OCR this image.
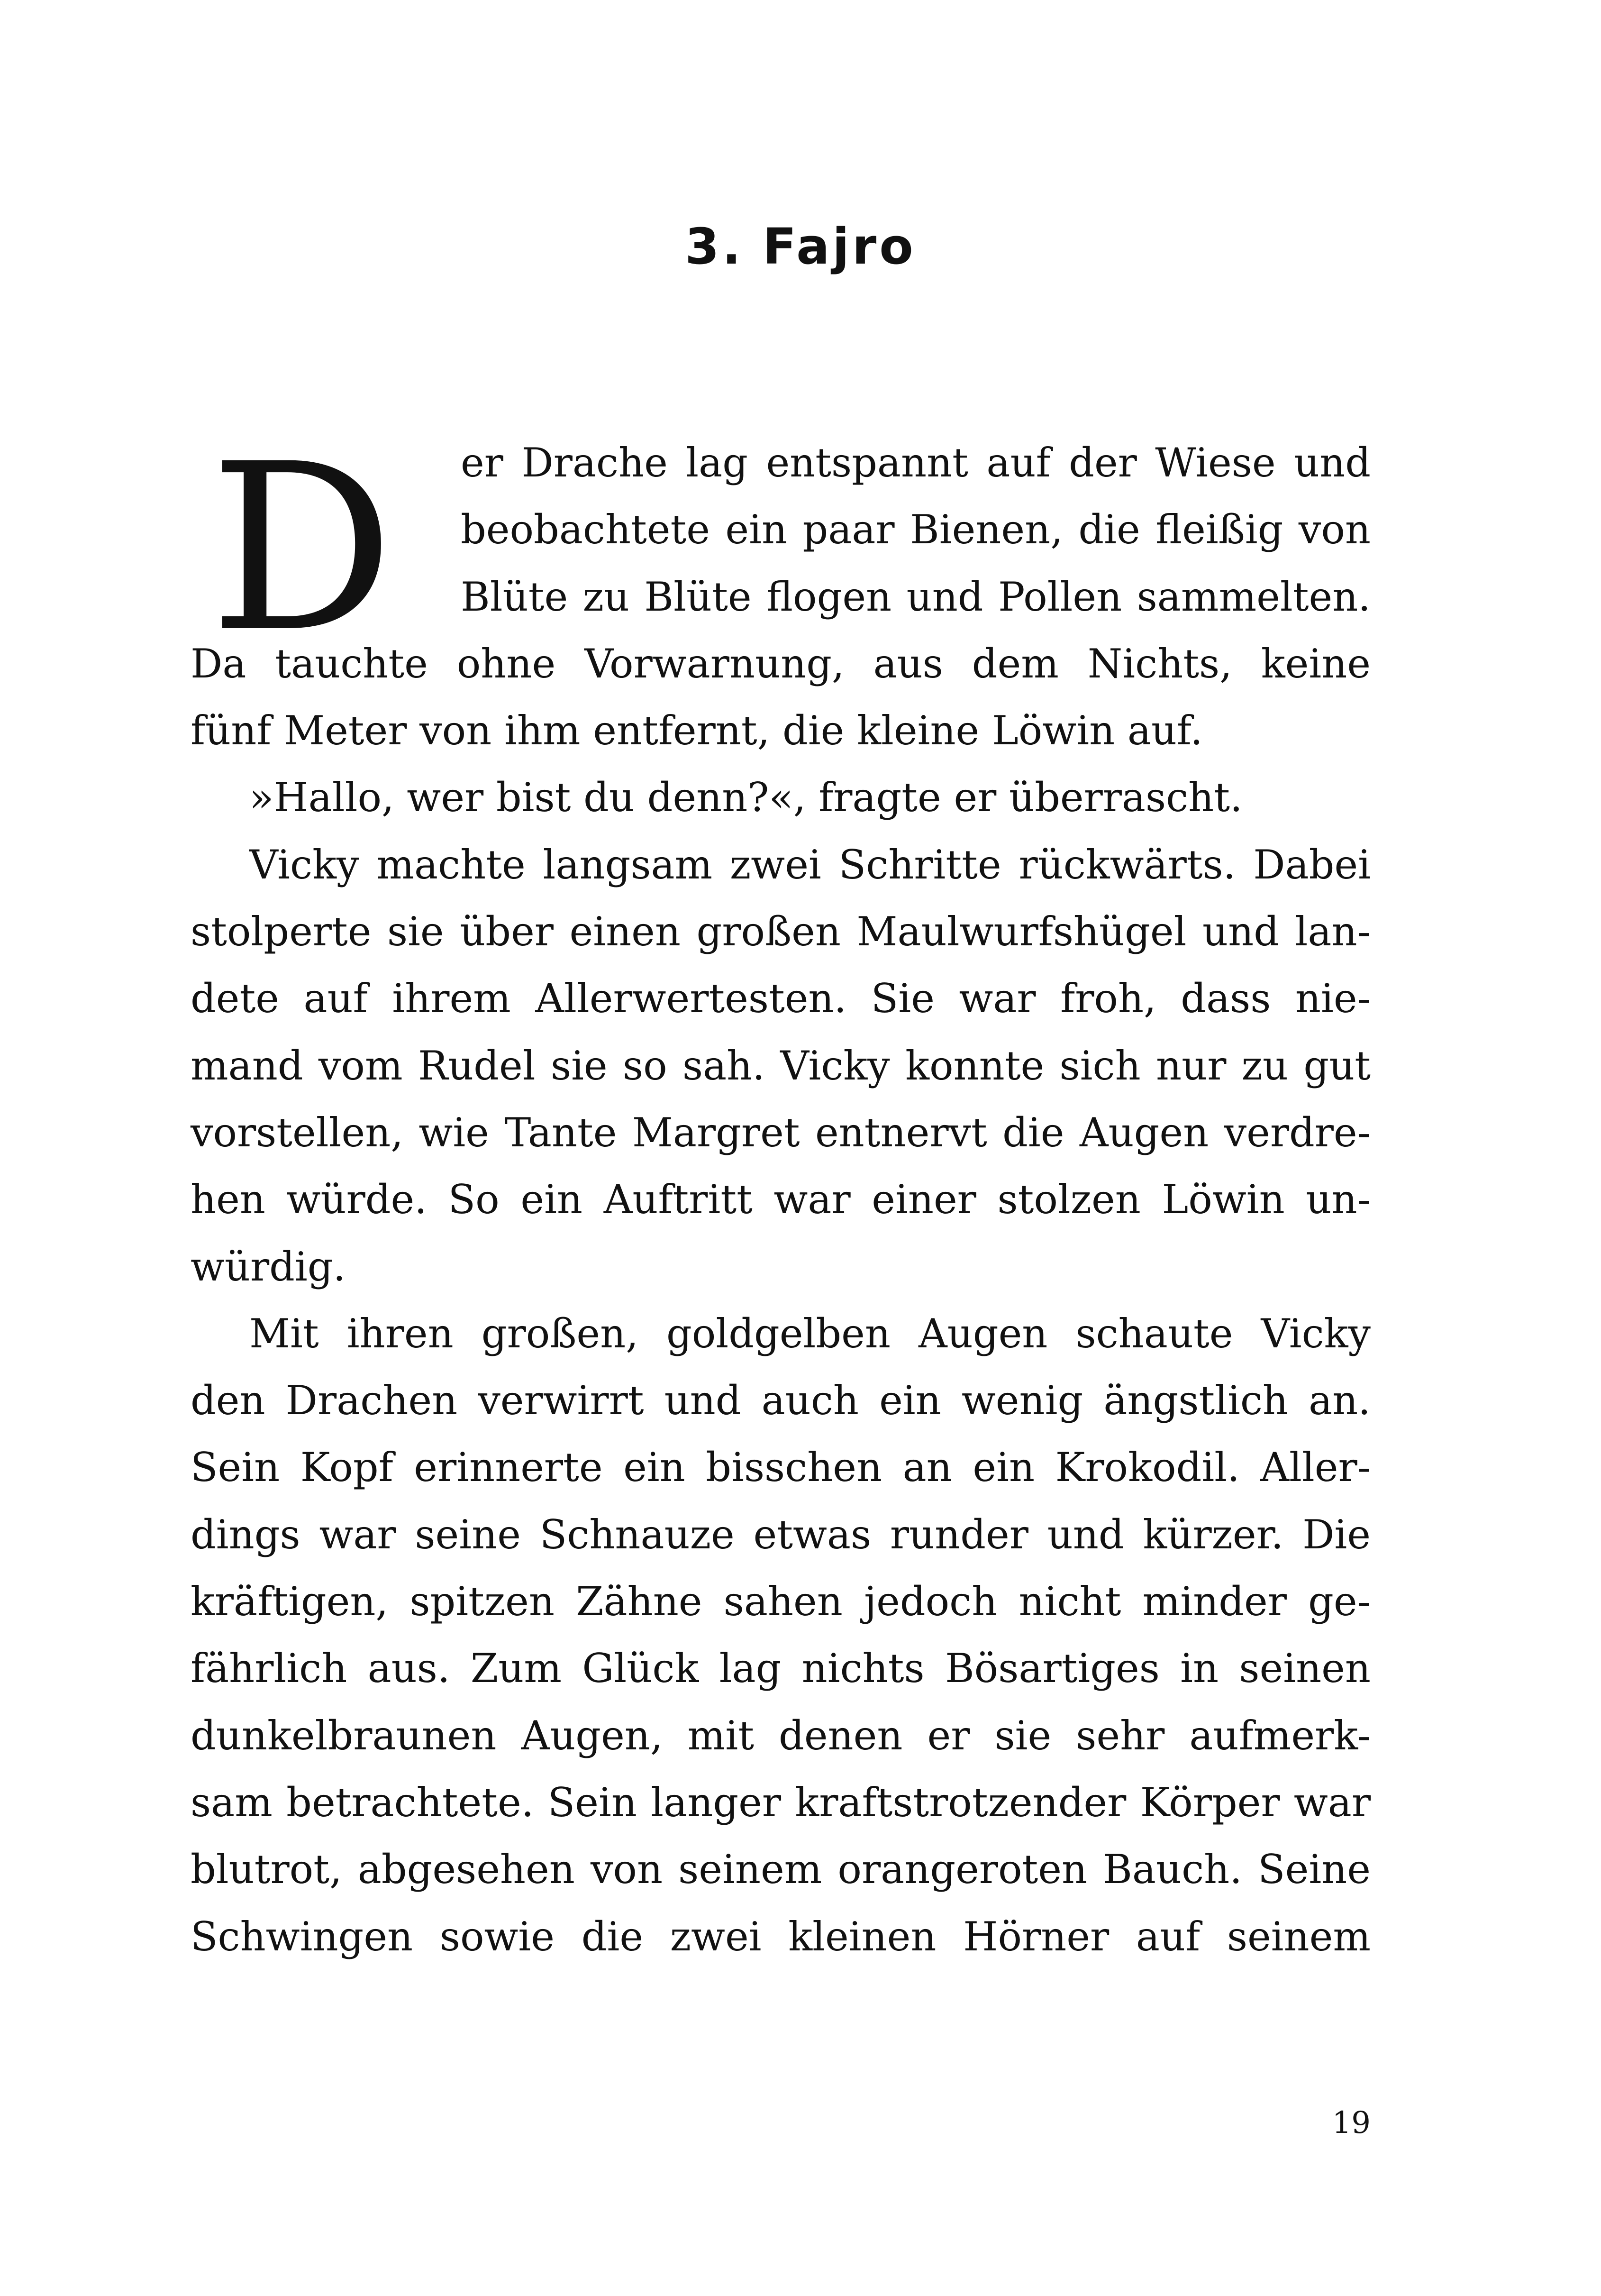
3. Fajro
D	er Drache lag entspannt auf der Wiese und
beobachtete ein paar Bienen, die fleißig von
Blüte zu Blüte flogen und Pollen sammelten.
Da tauchte ohne Vorwarnung, aus dem Nichts, keine
fünf Meter von ihm entfernt, die kleine Löwin auf.
»Hallo, wer bist du denn?«, fragte er überrascht.
Vicky machte langsam zwei Schritte rückwärts. Dabei
stolperte sie über einen großen Maulwurfshügel und lan-
dete auf ihrem Allerwertesten. Sie war froh, dass nie-
mand vom Rudel sie so sah. Vicky konnte sich nur zu gut
vorstellen, wie Tante Margret entnervt die Augen verdre-
hen würde. So ein Auftritt war einer stolzen Löwin un-
würdig.
Mit ihren großen, goldgelben Augen schaute Vicky
den Drachen verwirrt und auch ein wenig ängstlich an.
Sein Kopf erinnerte ein bisschen an ein Krokodil. Aller-
dings war seine Schnauze etwas runder und kürzer. Die
kräftigen, spitzen Zähne sahen jedoch nicht minder ge-
fährlich aus. Zum Glück lag nichts Bösartiges in seinen
dunkelbraunen Augen, mit denen er sie sehr aufmerk-
sam betrachtete. Sein langer kraftstrotzender Körper war
blutrot, abgesehen von seinem orangeroten Bauch. Seine
Schwingen sowie die zwei kleinen Hörner auf seinem
19
